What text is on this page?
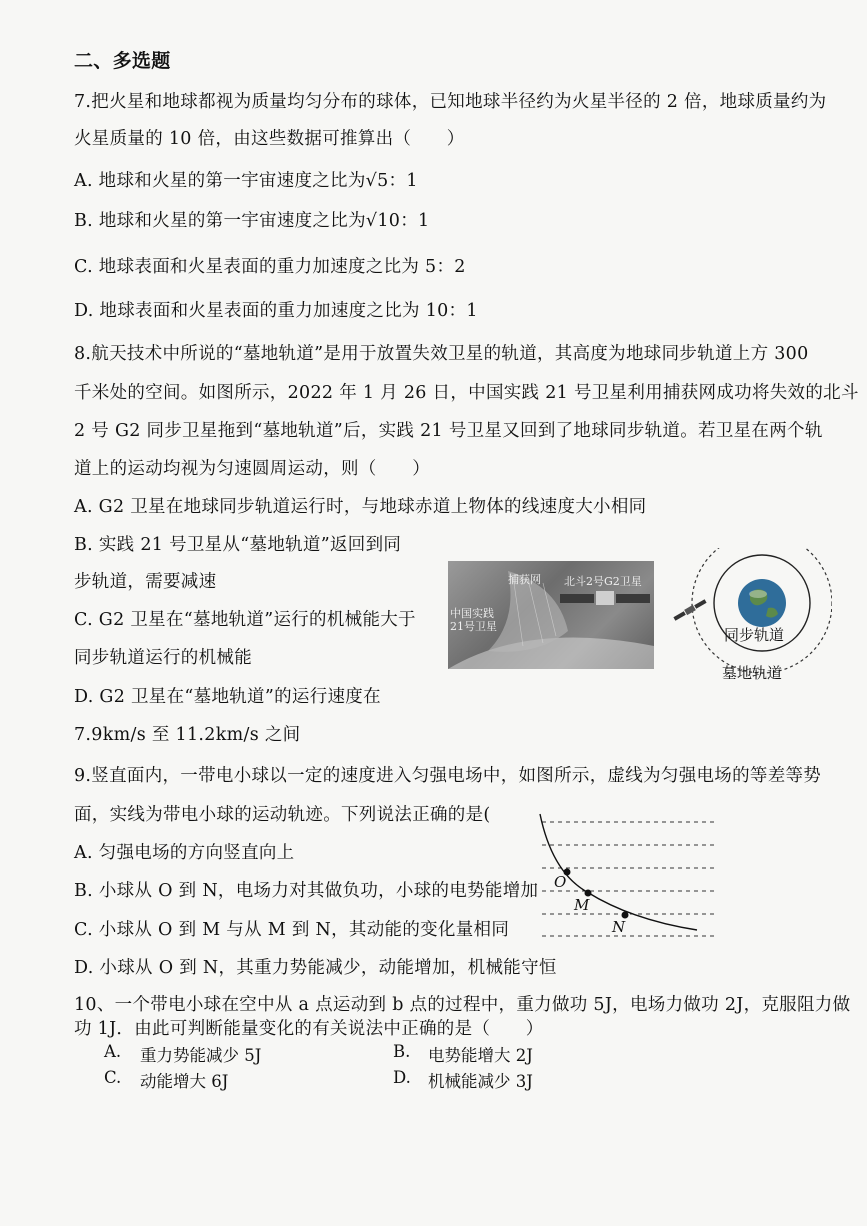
二、多选题
7.把火星和地球都视为质量均匀分布的球体，已知地球半径约为火星半径的 2 倍，地球质量约为
火星质量的 10 倍，由这些数据可推算出（　　）
A. 地球和火星的第一宇宙速度之比为√5：1
B. 地球和火星的第一宇宙速度之比为√10：1
C. 地球表面和火星表面的重力加速度之比为 5：2
D. 地球表面和火星表面的重力加速度之比为 10：1
8.航天技术中所说的“墓地轨道”是用于放置失效卫星的轨道，其高度为地球同步轨道上方 300
千米处的空间。如图所示，2022 年 1 月 26 日，中国实践 21 号卫星利用捕获网成功将失效的北斗
2 号 G2 同步卫星拖到“墓地轨道”后，实践 21 号卫星又回到了地球同步轨道。若卫星在两个轨
道上的运动均视为匀速圆周运动，则（　　）
A. G2 卫星在地球同步轨道运行时，与地球赤道上物体的线速度大小相同
B. 实践 21 号卫星从“墓地轨道”返回到同
步轨道，需要减速
C. G2 卫星在“墓地轨道”运行的机械能大于
同步轨道运行的机械能
D. G2 卫星在“墓地轨道”的运行速度在
7.9km/s 至 11.2km/s 之间
捕获网 北斗2号G2卫星
中国实践
21号卫星	同步轨道
墓地轨道
9.竖直面内，一带电小球以一定的速度进入匀强电场中，如图所示，虚线为匀强电场的等差等势
面，实线为带电小球的运动轨迹。下列说法正确的是(
A. 匀强电场的方向竖直向上
B. 小球从 O 到 N，电场力对其做负功，小球的电势能增加
C. 小球从 O 到 M 与从 M 到 N，其动能的变化量相同
D. 小球从 O 到 N，其重力势能减少，动能增加，机械能守恒
O
M
N
10、一个带电小球在空中从 a 点运动到 b 点的过程中，重力做功 5J，电场力做功 2J，克服阻力做
功 1J．由此可判断能量变化的有关说法中正确的是（　　）
A. 重力势能减少 5J	B. 电势能增大 2J
C. 动能增大 6J	D. 机械能减少 3J
